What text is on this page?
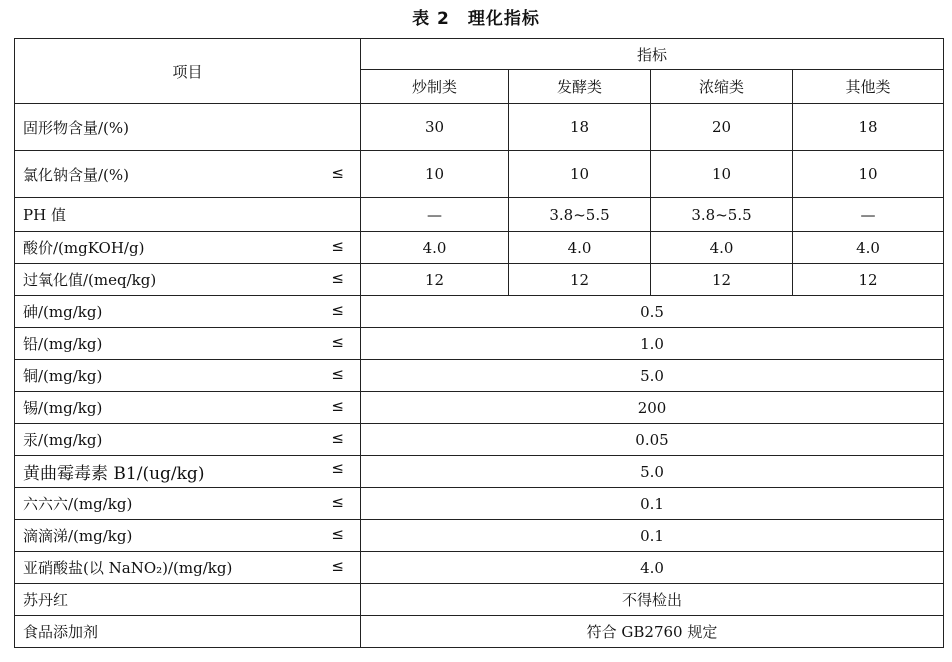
表 2　理化指标
项目	指标			
	炒制类	发酵类	浓缩类	其他类
固形物含量/(%)	30	18	20	18
氯化钠含量/(%) ≤	10	10	10	10
PH 值	—	3.8~5.5	3.8~5.5	—
酸价/(mgKOH/g) ≤	4.0	4.0	4.0	4.0
过氧化值/(meq/kg) ≤	12	12	12	12
砷/(mg/kg) ≤	0.5			
铅/(mg/kg) ≤	1.0			
铜/(mg/kg) ≤	5.0			
锡/(mg/kg) ≤	200			
汞/(mg/kg) ≤	0.05			
黄曲霉毒素 B1/(ug/kg) ≤	5.0			
六六六/(mg/kg) ≤	0.1			
滴滴涕/(mg/kg) ≤	0.1			
亚硝酸盐(以 NaNO₂)/(mg/kg) ≤	4.0			
苏丹红	不得检出			
食品添加剂	符合 GB2760 规定			
